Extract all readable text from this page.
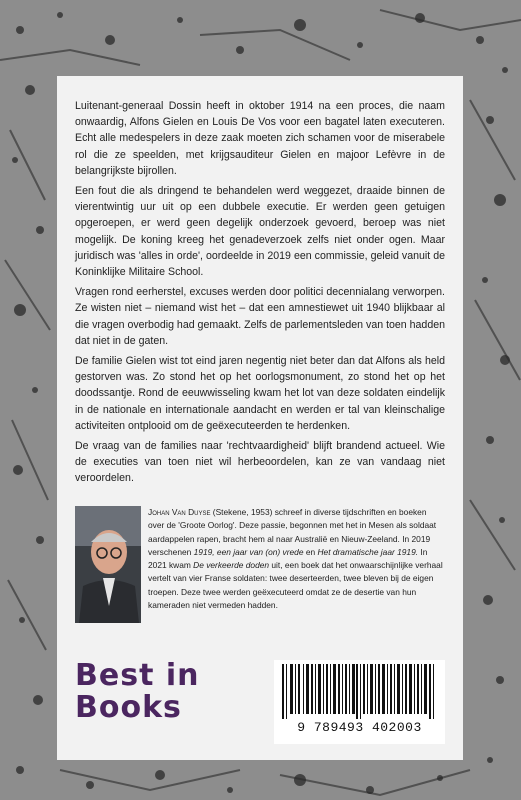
Luitenant-generaal Dossin heeft in oktober 1914 na een proces, die naam onwaardig, Alfons Gielen en Louis De Vos voor een bagatel laten executeren. Echt alle medespelers in deze zaak moeten zich schamen voor de miserabele rol die ze speelden, met krijgsauditeur Gielen en majoor Lefèvre in de belangrijkste bijrollen.

Een fout die als dringend te behandelen werd weggezet, draaide binnen de vierentwintig uur uit op een dubbele executie. Er werden geen getuigen opgeroepen, er werd geen degelijk onderzoek gevoerd, beroep was niet mogelijk. De koning kreeg het genadeverzoek zelfs niet onder ogen. Maar juridisch was 'alles in orde', oordeelde in 2019 een commissie, geleid vanuit de Koninklijke Militaire School.

Vragen rond eerherstel, excuses werden door politici decennialang verworpen. Ze wisten niet – niemand wist het – dat een amnestiewet uit 1940 blijkbaar al die vragen overbodig had gemaakt. Zelfs de parlementsleden van toen hadden dat niet in de gaten.

De familie Gielen wist tot eind jaren negentig niet beter dan dat Alfons als held gestorven was. Zo stond het op het oorlogsmonument, zo stond het op het doodssantje. Rond de eeuwwisseling kwam het lot van deze soldaten eindelijk in de nationale en internationale aandacht en werden er tal van kleinschalige activiteiten ontplooid om de geëxecuteerden te herdenken.

De vraag van de families naar 'rechtvaardigheid' blijft brandend actueel. Wie de executies van toen niet wil herbeoordelen, kan ze van vandaag niet veroordelen.

Johan Van Duyse (Stekene, 1953) schreef in diverse tijdschriften en boeken over de 'Groote Oorlog'. Deze passie, begonnen met het in Mesen als soldaat aardappelen rapen, bracht hem al naar Australië en Nieuw-Zeeland. In 2019 verschenen 1919, een jaar van (on) vrede en Het dramatische jaar 1919. In 2021 kwam De verkeerde doden uit, een boek dat het onwaarschijnlijke verhaal vertelt van vier Franse soldaten: twee deserteerden, twee bleven bij de eigen troepen. Deze twee werden geëxecuteerd omdat ze de desertie van hun kameraden niet vermeden hadden.
Best in
Books
9 789493 402003
